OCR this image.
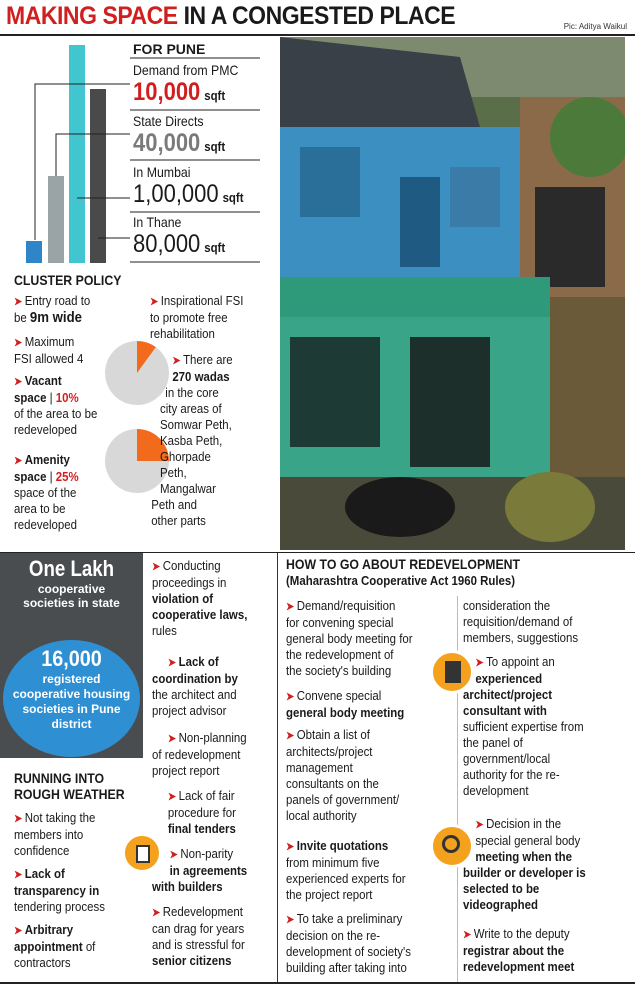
MAKING SPACE IN A CONGESTED PLACE	Pic: Aditya Waikul
FOR PUNE
Demand from PMC
10,000 sqft
State Directs
40,000 sqft
In Mumbai
1,00,000 sqft
In Thane
80,000 sqft
CLUSTER POLICY
➤ Entry road to
be 9m wide
➤ Maximum
FSI allowed 4
➤ Vacant
space | 10%
of the area to be
redeveloped
➤ Amenity
space | 25%
space of the
area to be
redeveloped
➤ Inspirational FSI
to promote free
rehabilitation
➤ There are
270 wadas
in the core
city areas of
Somwar Peth,
Kasba Peth,
Ghorpade
Peth,
Mangalwar
Peth and
other parts
One Lakh
cooperative
societies in state
16,000
registered
cooperative housing
societies in Pune
district
RUNNING INTO
ROUGH WEATHER
➤ Not taking the
members into
confidence
➤ Lack of
transparency in
tendering process
➤ Arbitrary
appointment of
contractors
➤ Conducting
proceedings in
violation of
cooperative laws,
rules
➤ Lack of
coordination by
the architect and
project advisor
➤ Non-planning
of redevelopment
project report
➤ Lack of fair
procedure for
final tenders
➤ Non-parity
in agreements
with builders
➤ Redevelopment
can drag for years
and is stressful for
senior citizens
HOW TO GO ABOUT REDEVELOPMENT
(Maharashtra Cooperative Act 1960 Rules)
➤ Demand/requisition
for convening special
general body meeting for
the redevelopment of
the society's building
➤ Convene special
general body meeting
➤ Obtain a list of
architects/project
management
consultants on the
panels of government/
local authority
➤ Invite quotations
from minimum five
experienced experts for
the project report
➤ To take a preliminary
decision on the re-
development of society's
building after taking into
consideration the
requisition/demand of
members, suggestions
➤ To appoint an
experienced
architect/project
consultant with
sufficient expertise from
the panel of
government/local
authority for the re-
development
➤ Decision in the
special general body
meeting when the
builder or developer is
selected to be
videographed
➤ Write to the deputy
registrar about the
redevelopment meet
